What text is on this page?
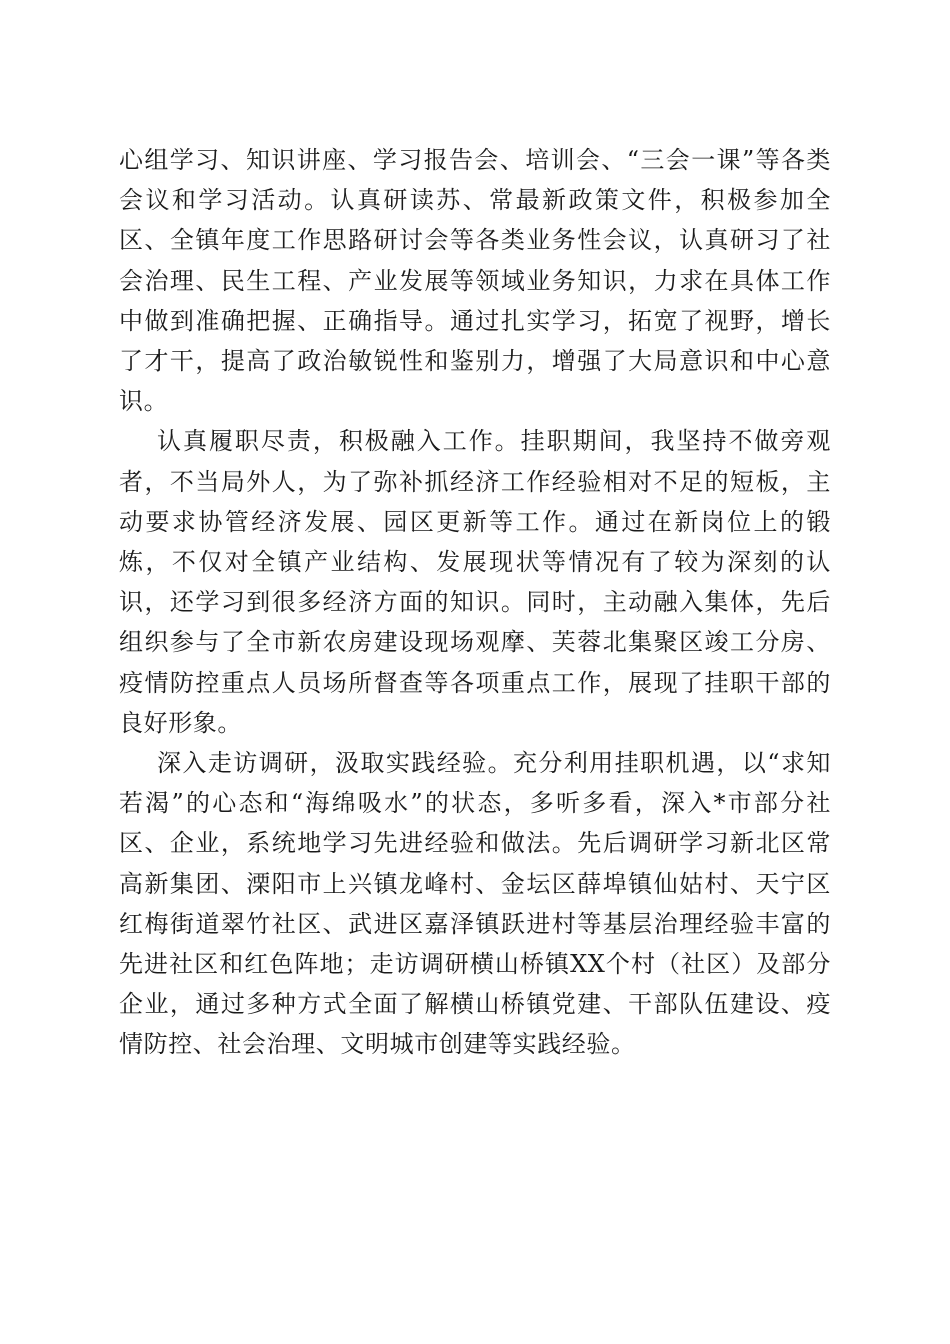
心组学习、知识讲座、学习报告会、培训会、“三会一课”等各类会议和学习活动。认真研读苏、常最新政策文件，积极参加全区、全镇年度工作思路研讨会等各类业务性会议，认真研习了社会治理、民生工程、产业发展等领域业务知识，力求在具体工作中做到准确把握、正确指导。通过扎实学习，拓宽了视野，增长了才干，提高了政治敏锐性和鉴别力，增强了大局意识和中心意识。

认真履职尽责，积极融入工作。挂职期间，我坚持不做旁观者，不当局外人，为了弥补抓经济工作经验相对不足的短板，主动要求协管经济发展、园区更新等工作。通过在新岗位上的锻炼，不仅对全镇产业结构、发展现状等情况有了较为深刻的认识，还学习到很多经济方面的知识。同时，主动融入集体，先后组织参与了全市新农房建设现场观摩、芙蓉北集聚区竣工分房、疫情防控重点人员场所督查等各项重点工作，展现了挂职干部的良好形象。

深入走访调研，汲取实践经验。充分利用挂职机遇，以“求知若渴”的心态和“海绵吸水”的状态，多听多看，深入*市部分社区、企业，系统地学习先进经验和做法。先后调研学习新北区常高新集团、溧阳市上兴镇龙峰村、金坛区薛埠镇仙姑村、天宁区红梅街道翠竹社区、武进区嘉泽镇跃进村等基层治理经验丰富的先进社区和红色阵地；走访调研横山桥镇XX个村（社区）及部分企业，通过多种方式全面了解横山桥镇党建、干部队伍建设、疫情防控、社会治理、文明城市创建等实践经验。
